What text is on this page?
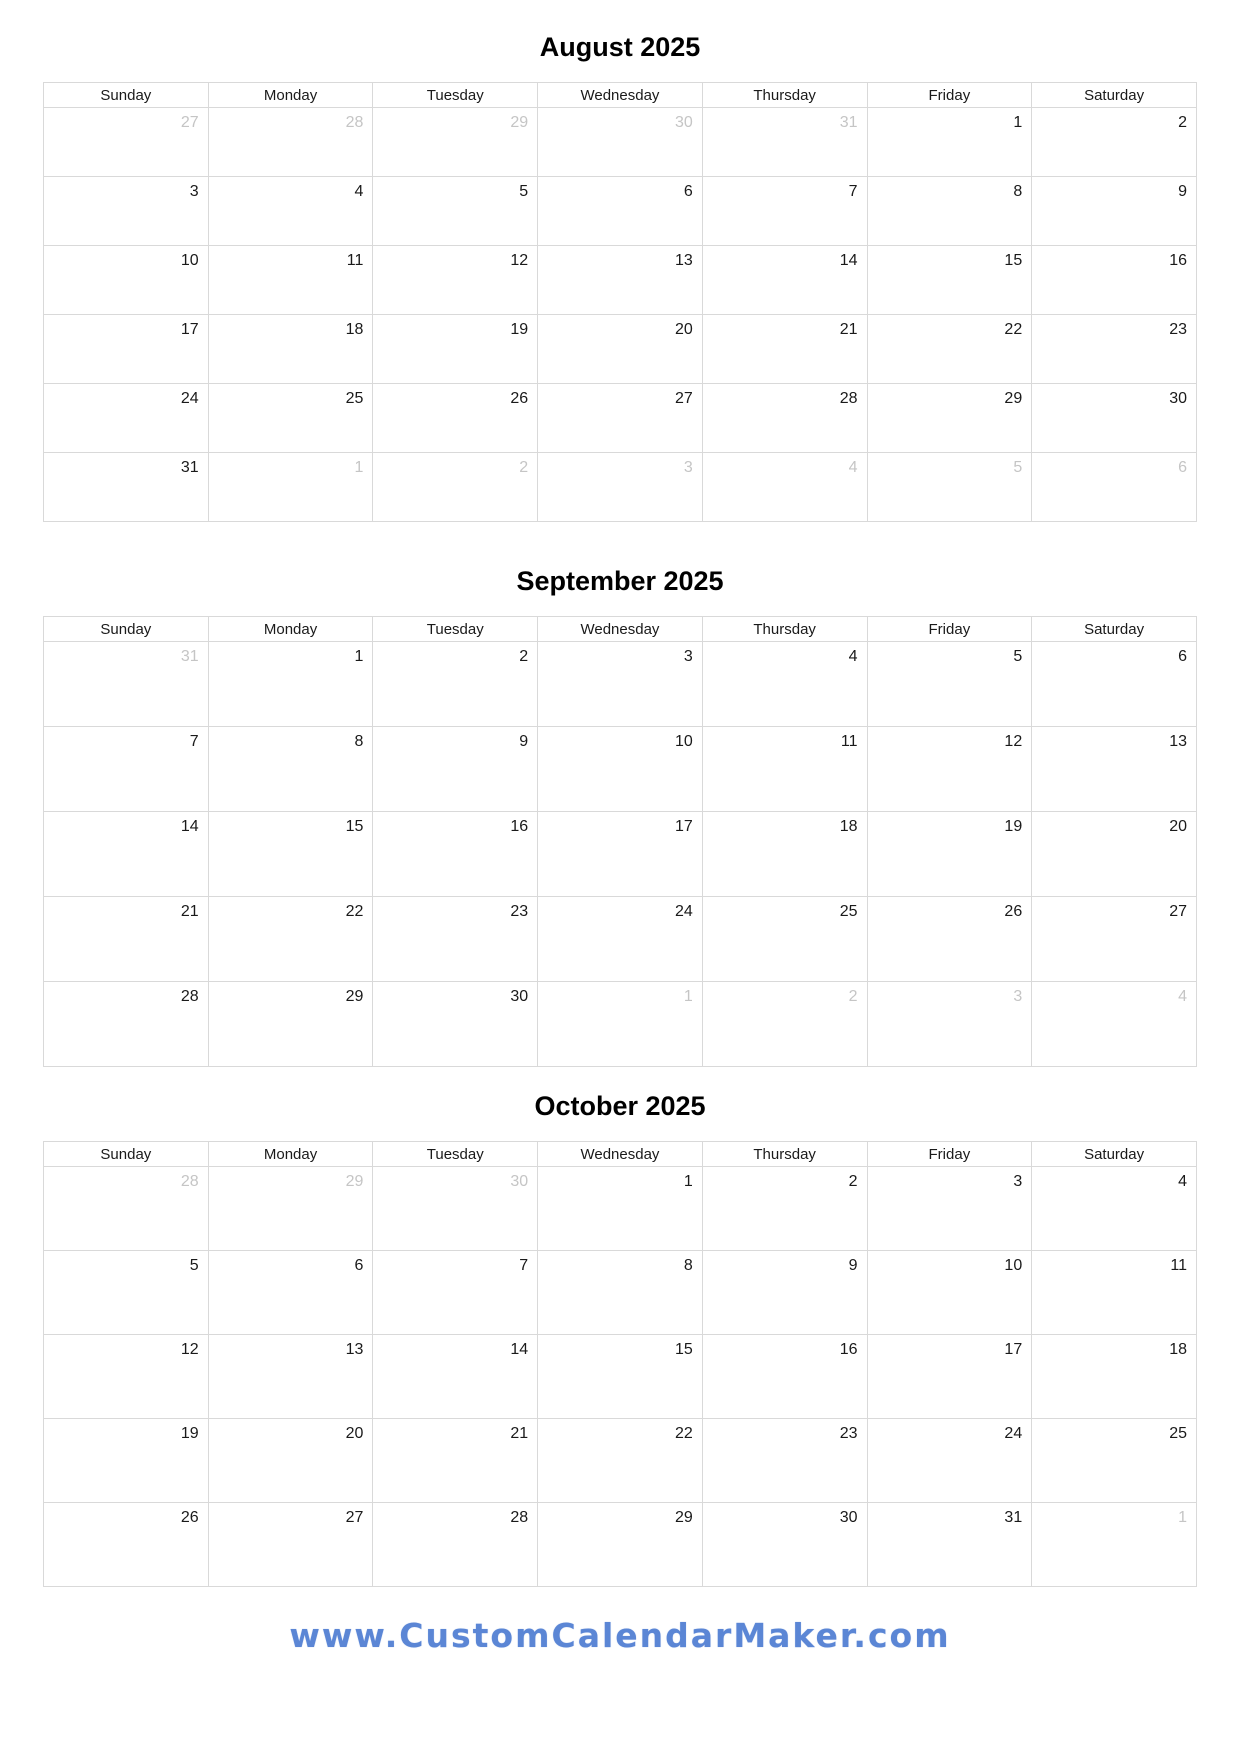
August 2025
Sunday	Monday	Tuesday	Wednesday	Thursday	Friday	Saturday
27	28	29	30	31	1	2
3	4	5	6	7	8	9
10	11	12	13	14	15	16
17	18	19	20	21	22	23
24	25	26	27	28	29	30
31	1	2	3	4	5	6
September 2025
Sunday	Monday	Tuesday	Wednesday	Thursday	Friday	Saturday
31	1	2	3	4	5	6
7	8	9	10	11	12	13
14	15	16	17	18	19	20
21	22	23	24	25	26	27
28	29	30	1	2	3	4
October 2025
Sunday	Monday	Tuesday	Wednesday	Thursday	Friday	Saturday
28	29	30	1	2	3	4
5	6	7	8	9	10	11
12	13	14	15	16	17	18
19	20	21	22	23	24	25
26	27	28	29	30	31	1
www.CustomCalendarMaker.com
